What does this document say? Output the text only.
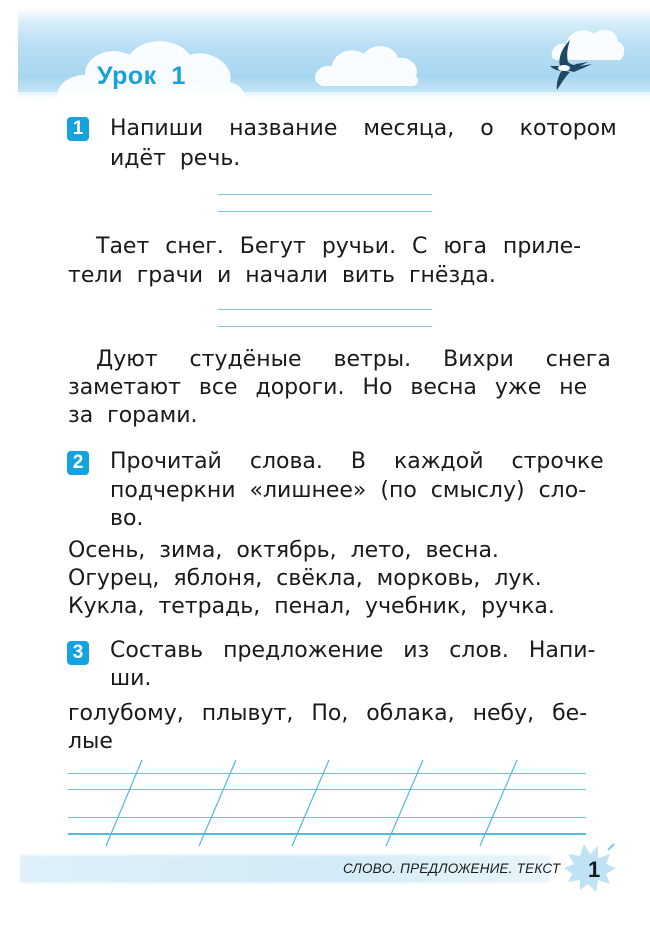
Урок  1
1 Напиши  название  месяца,  о  котором
идёт  речь.
Тает  снег.  Бегут  ручьи.  С  юга  приле-
тели  грачи  и  начали  вить  гнёзда.
Дуют  студёные  ветры.  Вихри  снега
заметают  все  дороги.  Но  весна  уже  не
за  горами.
2 Прочитай  слова.  В  каждой  строчке
подчеркни  «лишнее»  (по  смыслу)  сло-
во.
Осень,  зима,  октябрь,  лето,  весна.
Огурец,  яблоня,  свёкла,  морковь,  лук.
Кукла,  тетрадь,  пенал,  учебник,  ручка.
3 Составь  предложение  из  слов.  Напи-
ши.
голубому,  плывут,  По,  облака,  небу,  бе-
лые
СЛОВО. ПРЕДЛОЖЕНИЕ. ТЕКСТ 1
